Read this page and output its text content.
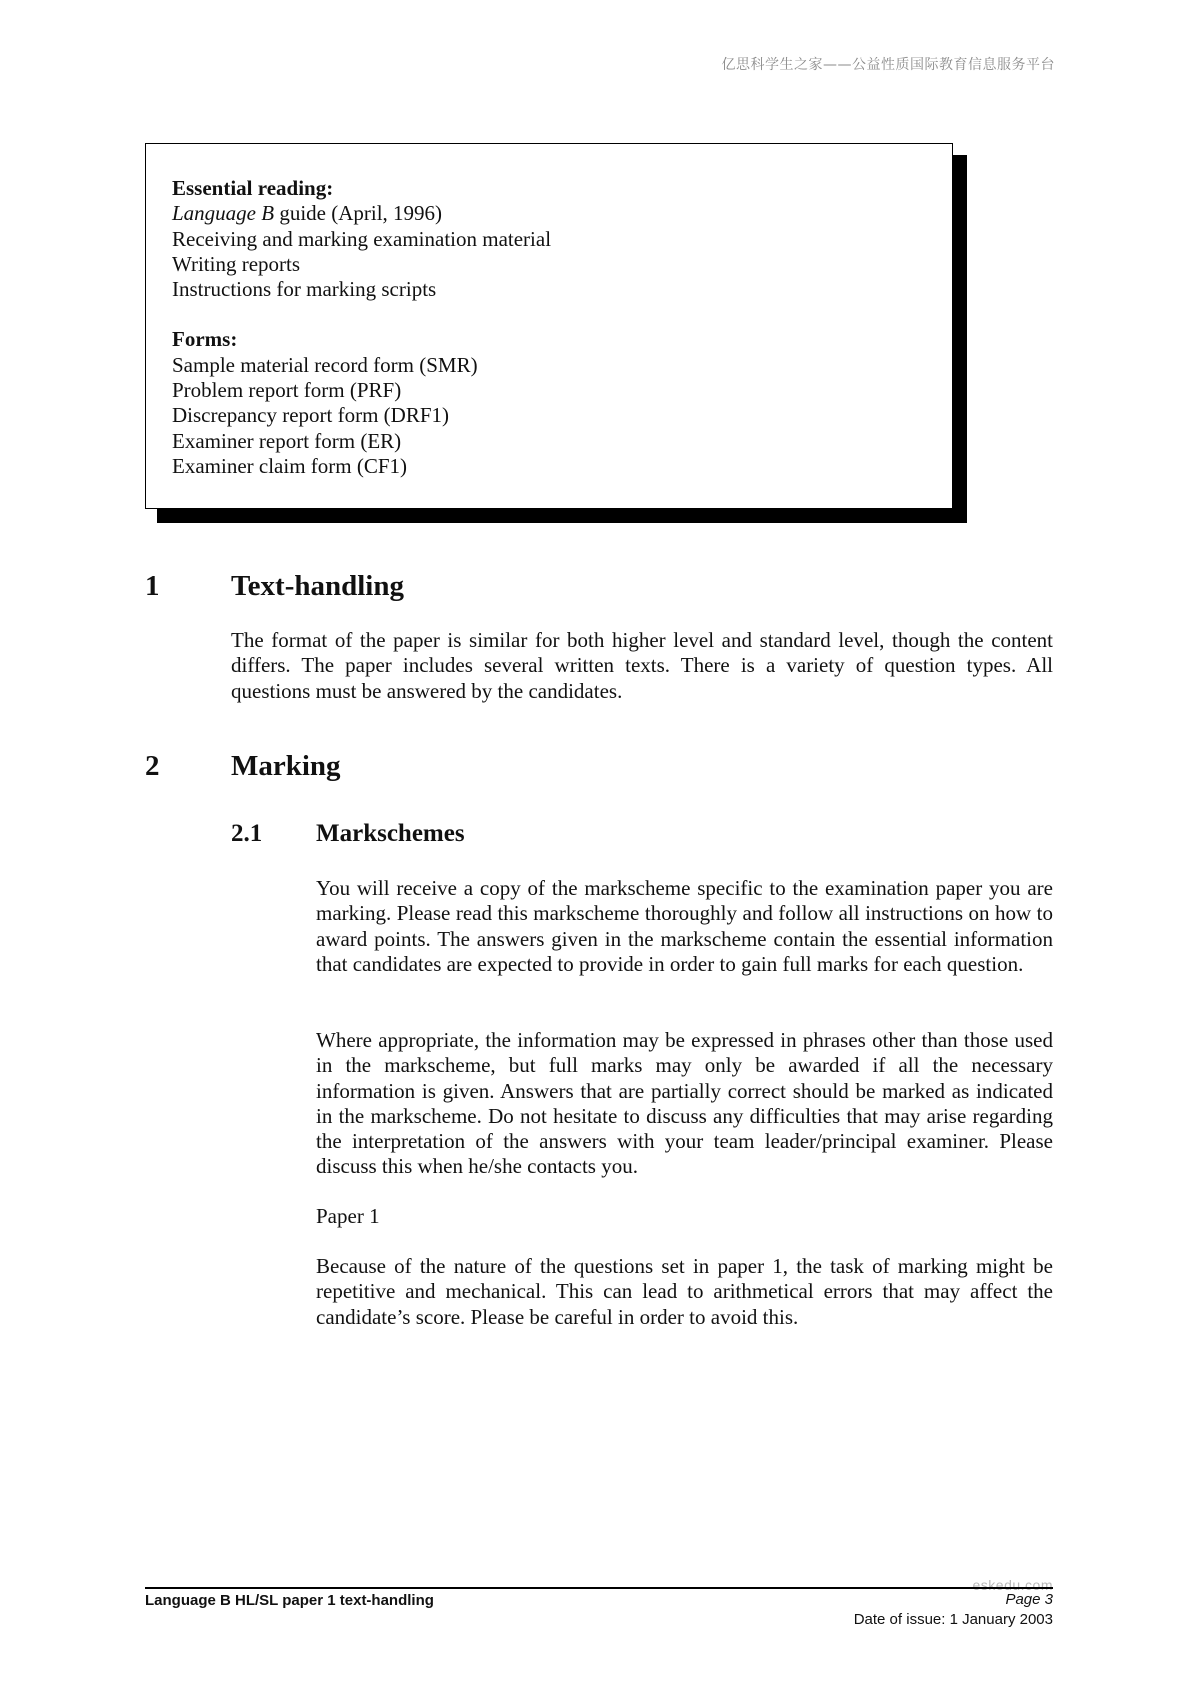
亿思科学生之家——公益性质国际教育信息服务平台
Essential reading:
Language B guide (April, 1996)
Receiving and marking examination material
Writing reports
Instructions for marking scripts
Forms:
Sample material record form (SMR)
Problem report form (PRF)
Discrepancy report form (DRF1)
Examiner report form (ER)
Examiner claim form (CF1)
1 Text-handling

The format of the paper is similar for both higher level and standard level, though the content differs. The paper includes several written texts. There is a variety of question types. All questions must be answered by the candidates.

2 Marking
2.1 Markschemes

You will receive a copy of the markscheme specific to the examination paper you are marking. Please read this markscheme thoroughly and follow all instructions on how to award points. The answers given in the markscheme contain the essential information that candidates are expected to provide in order to gain full marks for each question.

Where appropriate, the information may be expressed in phrases other than those used in the markscheme, but full marks may only be awarded if all the necessary information is given. Answers that are partially correct should be marked as indicated in the markscheme. Do not hesitate to discuss any difficulties that may arise regarding the interpretation of the answers with your team leader/principal examiner. Please discuss this when he/she contacts you.

Paper 1

Because of the nature of the questions set in paper 1, the task of marking might be repetitive and mechanical. This can lead to arithmetical errors that may affect the candidate’s score. Please be careful in order to avoid this.

eskedu.com
Language B HL/SL paper 1 text-handling	Page 3
Date of issue: 1 January 2003
